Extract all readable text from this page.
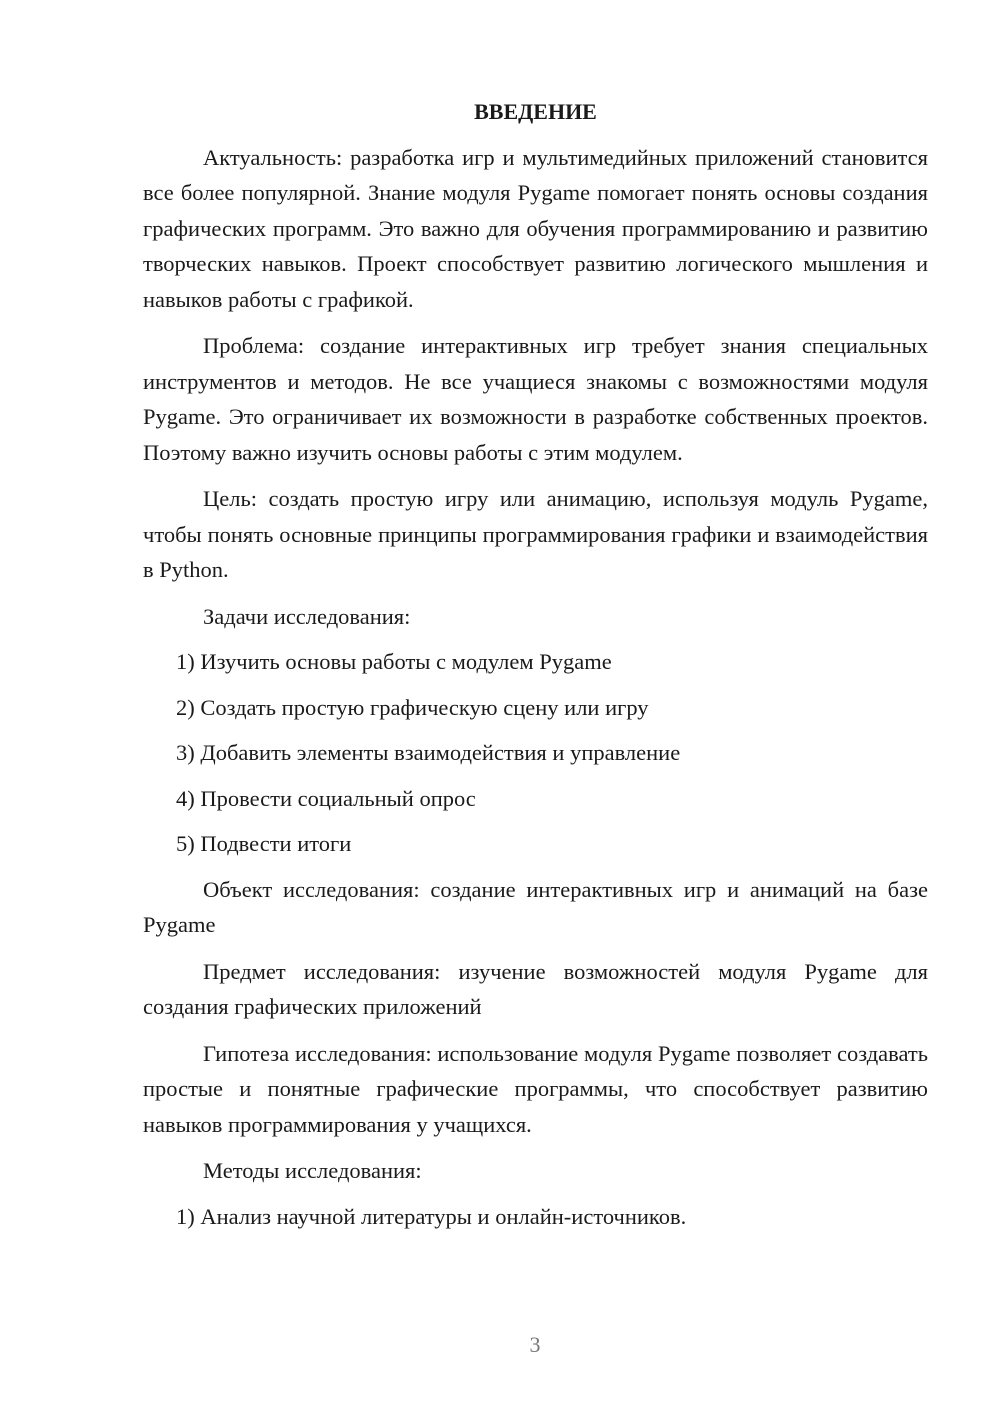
ВВЕДЕНИЕ

Актуальность: разработка игр и мультимедийных приложений становится все более популярной. Знание модуля Pygame помогает понять основы создания графических программ. Это важно для обучения программированию и развитию творческих навыков. Проект способствует развитию логического мышления и навыков работы с графикой.

Проблема: создание интерактивных игр требует знания специальных инструментов и методов. Не все учащиеся знакомы с возможностями модуля Pygame. Это ограничивает их возможности в разработке собственных проектов. Поэтому важно изучить основы работы с этим модулем.

Цель: создать простую игру или анимацию, используя модуль Pygame, чтобы понять основные принципы программирования графики и взаимодействия в Python.

Задачи исследования:

1) Изучить основы работы с модулем Pygame

2) Создать простую графическую сцену или игру

3) Добавить элементы взаимодействия и управление

4) Провести социальный опрос

5) Подвести итоги

Объект исследования: создание интерактивных игр и анимаций на базе Pygame

Предмет исследования: изучение возможностей модуля Pygame для создания графических приложений

Гипотеза исследования: использование модуля Pygame позволяет создавать простые и понятные графические программы, что способствует развитию навыков программирования у учащихся.

Методы исследования:

1) Анализ научной литературы и онлайн-источников.

3
